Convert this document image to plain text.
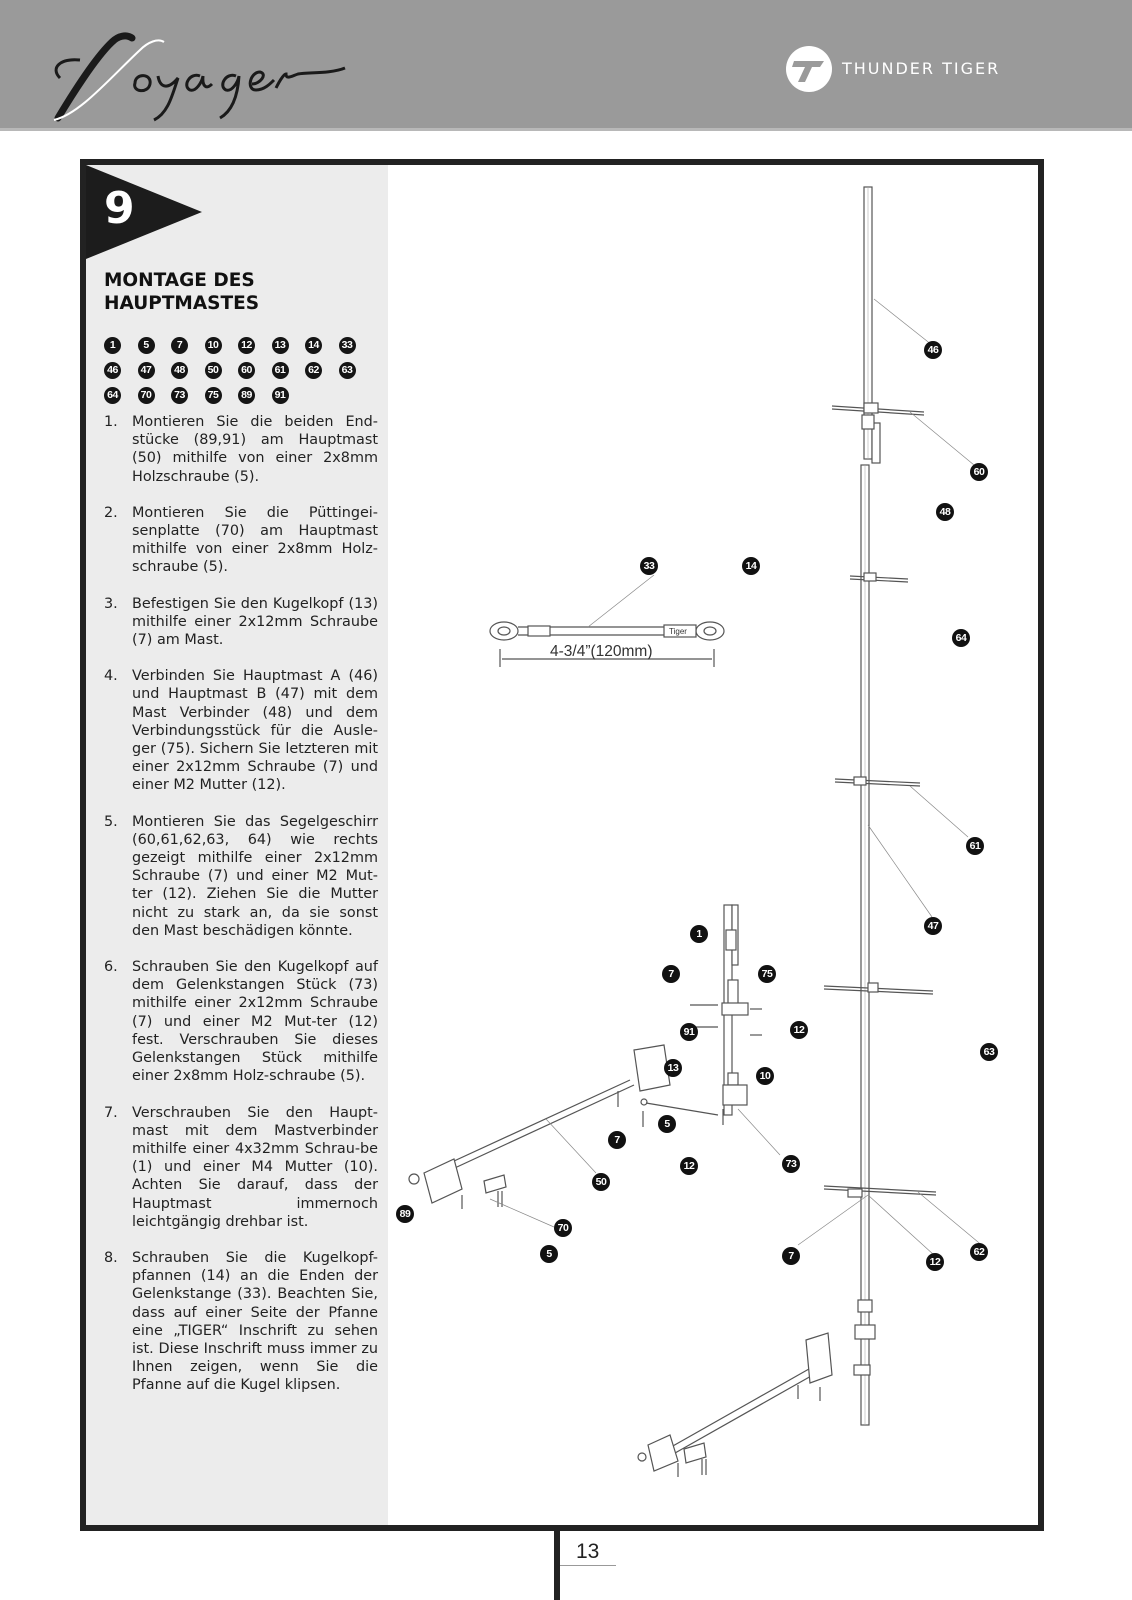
THUNDER TIGER
9
MONTAGE DES HAUPTMASTES
1	5	7 10 12 13 14 33
46 47 48 50 60 61 62 63
64 70 73 75 89 91
1. Montieren Sie die beiden End-stücke (89,91) am Hauptmast (50) mithilfe von einer 2x8mm Holzschraube (5).
2. Montieren Sie die Püttingei-senplatte (70) am Hauptmast mithilfe von einer 2x8mm Holz-schraube (5).
3. Befestigen Sie den Kugelkopf (13) mithilfe einer 2x12mm Schraube (7) am Mast.
4. Verbinden Sie Hauptmast A (46) und Hauptmast B (47) mit dem Mast Verbinder (48) und dem Verbindungsstück für die Ausle-ger (75). Sichern Sie letzteren mit einer 2x12mm Schraube (7) und einer M2 Mutter (12).
5. Montieren Sie das Segelgeschirr (60,61,62,63, 64) wie rechts gezeigt mithilfe einer 2x12mm Schraube (7) und einer M2 Mut-ter (12). Ziehen Sie die Mutter nicht zu stark an, da sie sonst den Mast beschädigen könnte.
6. Schrauben Sie den Kugelkopf auf dem Gelenkstangen Stück (73) mithilfe einer 2x12mm Schraube (7) und einer M2 Mut-ter (12) fest. Verschrauben Sie dieses Gelenkstangen Stück mithilfe einer 2x8mm Holz-schraube (5).
7. Verschrauben Sie den Haupt-mast mit dem Mastverbinder mithilfe einer 4x32mm Schrau-be (1) und einer M4 Mutter (10). Achten Sie darauf, dass der Hauptmast immernoch leichtgängig drehbar ist.
8. Schrauben Sie die Kugelkopf-pfannen (14) an die Enden der Gelenkstange (33). Beachten Sie, dass auf einer Seite der Pfanne eine „TIGER“ Inschrift zu sehen ist. Diese Inschrift muss immer zu Ihnen zeigen, wenn Sie die Pfanne auf die Kugel klipsen.
Tiger
4-3/4”(120mm)
46
60
48
33	14
64
61
47
1
7	75
91	12
13
10
63
5
7
12	73
50
89
70
5	7	12
62
13
